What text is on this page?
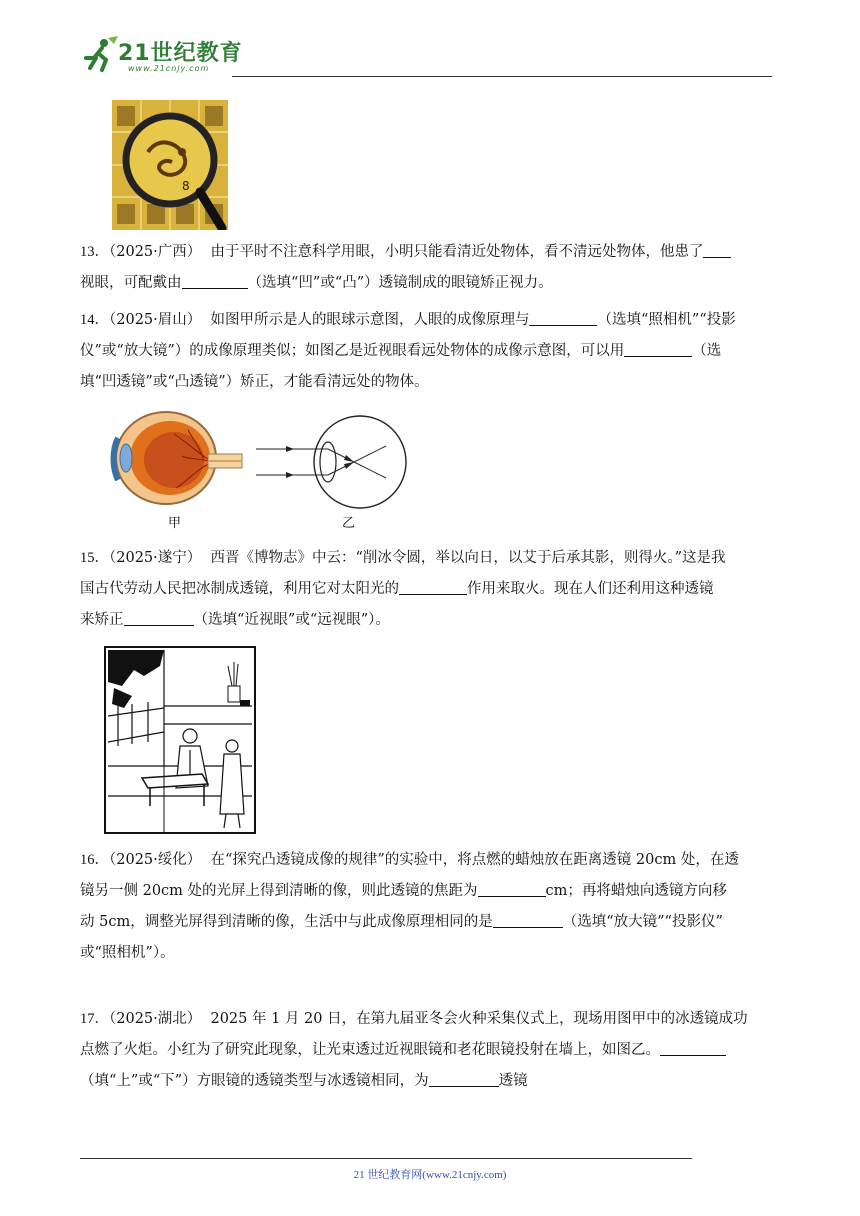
21世纪教育
www.21cnjy.com
8
13．（2025·广西） 由于平时不注意科学用眼，小明只能看清近处物体，看不清远处物体，他患了
视眼，可配戴由	（选填“凹”或“凸”）透镜制成的眼镜矫正视力。
14．（2025·眉山） 如图甲所示是人的眼球示意图，人眼的成像原理与	（选填“照相机”“投影
仪”或“放大镜”）的成像原理类似；如图乙是近视眼看远处物体的成像示意图，可以用	（选
填“凹透镜”或“凸透镜”）矫正，才能看清远处的物体。
甲	乙
15．（2025·遂宁） 西晋《博物志》中云：“削冰令圆，举以向日，以艾于后承其影，则得火。”这是我
国古代劳动人民把冰制成透镜，利用它对太阳光的	作用来取火。现在人们还利用这种透镜
来矫正	（选填“近视眼”或“远视眼”）。
16．（2025·绥化） 在“探究凸透镜成像的规律”的实验中，将点燃的蜡烛放在距离透镜 20cm 处，在透
镜另一侧 20cm 处的光屏上得到清晰的像，则此透镜的焦距为	cm；再将蜡烛向透镜方向移
动 5cm，调整光屏得到清晰的像，生活中与此成像原理相同的是	（选填“放大镜”“投影仪”
或“照相机”）。
17．（2025·湖北） 2025 年 1 月 20 日，在第九届亚冬会火种采集仪式上，现场用图甲中的冰透镜成功
点燃了火炬。小红为了研究此现象，让光束透过近视眼镜和老花眼镜投射在墙上，如图乙。
（填“上”或“下”）方眼镜的透镜类型与冰透镜相同，为	透镜
21 世纪教育网(www.21cnjy.com)
